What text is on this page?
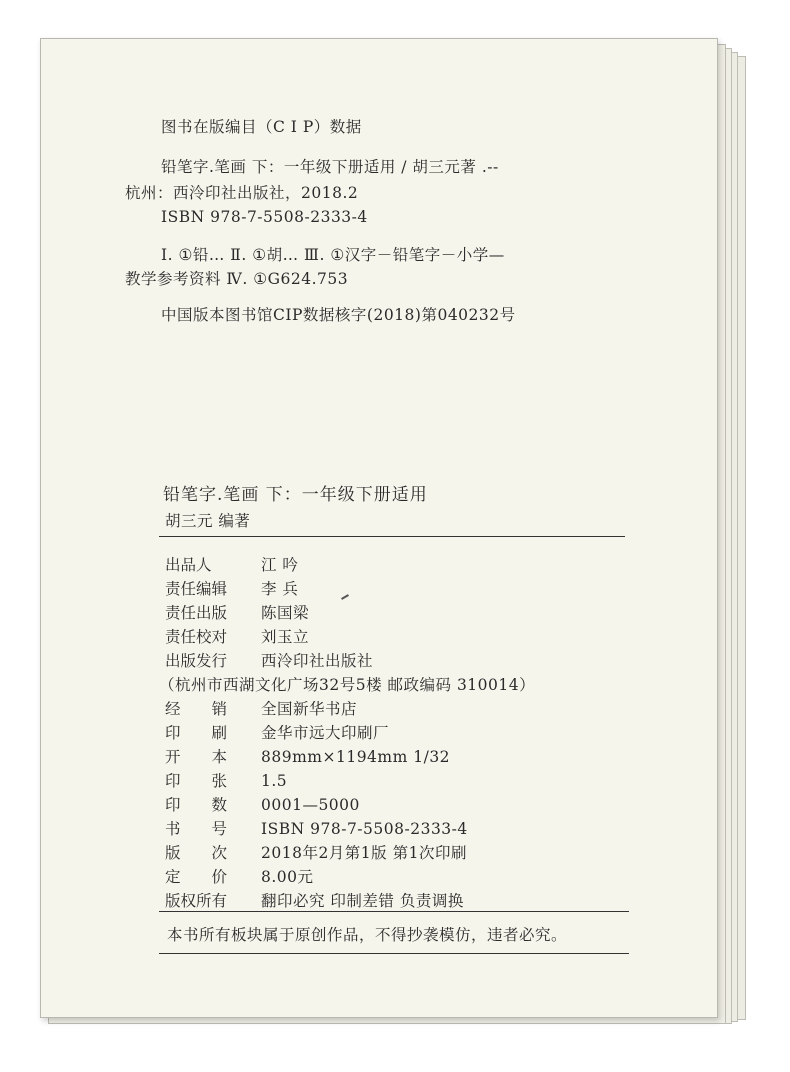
图书在版编目（C I P）数据
铅笔字.笔画 下：一年级下册适用 / 胡三元著 .--
杭州：西泠印社出版社，2018.2
ISBN 978-7-5508-2333-4
Ⅰ. ①铅… Ⅱ. ①胡… Ⅲ. ①汉字－铅笔字－小学—
教学参考资料 Ⅳ. ①G624.753
中国版本图书馆CIP数据核字(2018)第040232号
铅笔字.笔画 下：一年级下册适用
胡三元 编著
出品人	江 吟
责任编辑 李 兵
责任出版 陈国梁
责任校对 刘玉立
出版发行 西泠印社出版社
（杭州市西湖文化广场32号5楼 邮政编码 310014）
经　　销 全国新华书店
印　　刷 金华市远大印刷厂
开　　本 889mm×1194mm 1/32
印　　张 1.5
印　　数 0001—5000
书　　号 ISBN 978-7-5508-2333-4
版　　次 2018年2月第1版 第1次印刷
定　　价 8.00元
版权所有 翻印必究 印制差错 负责调换
本书所有板块属于原创作品，不得抄袭模仿，违者必究。
